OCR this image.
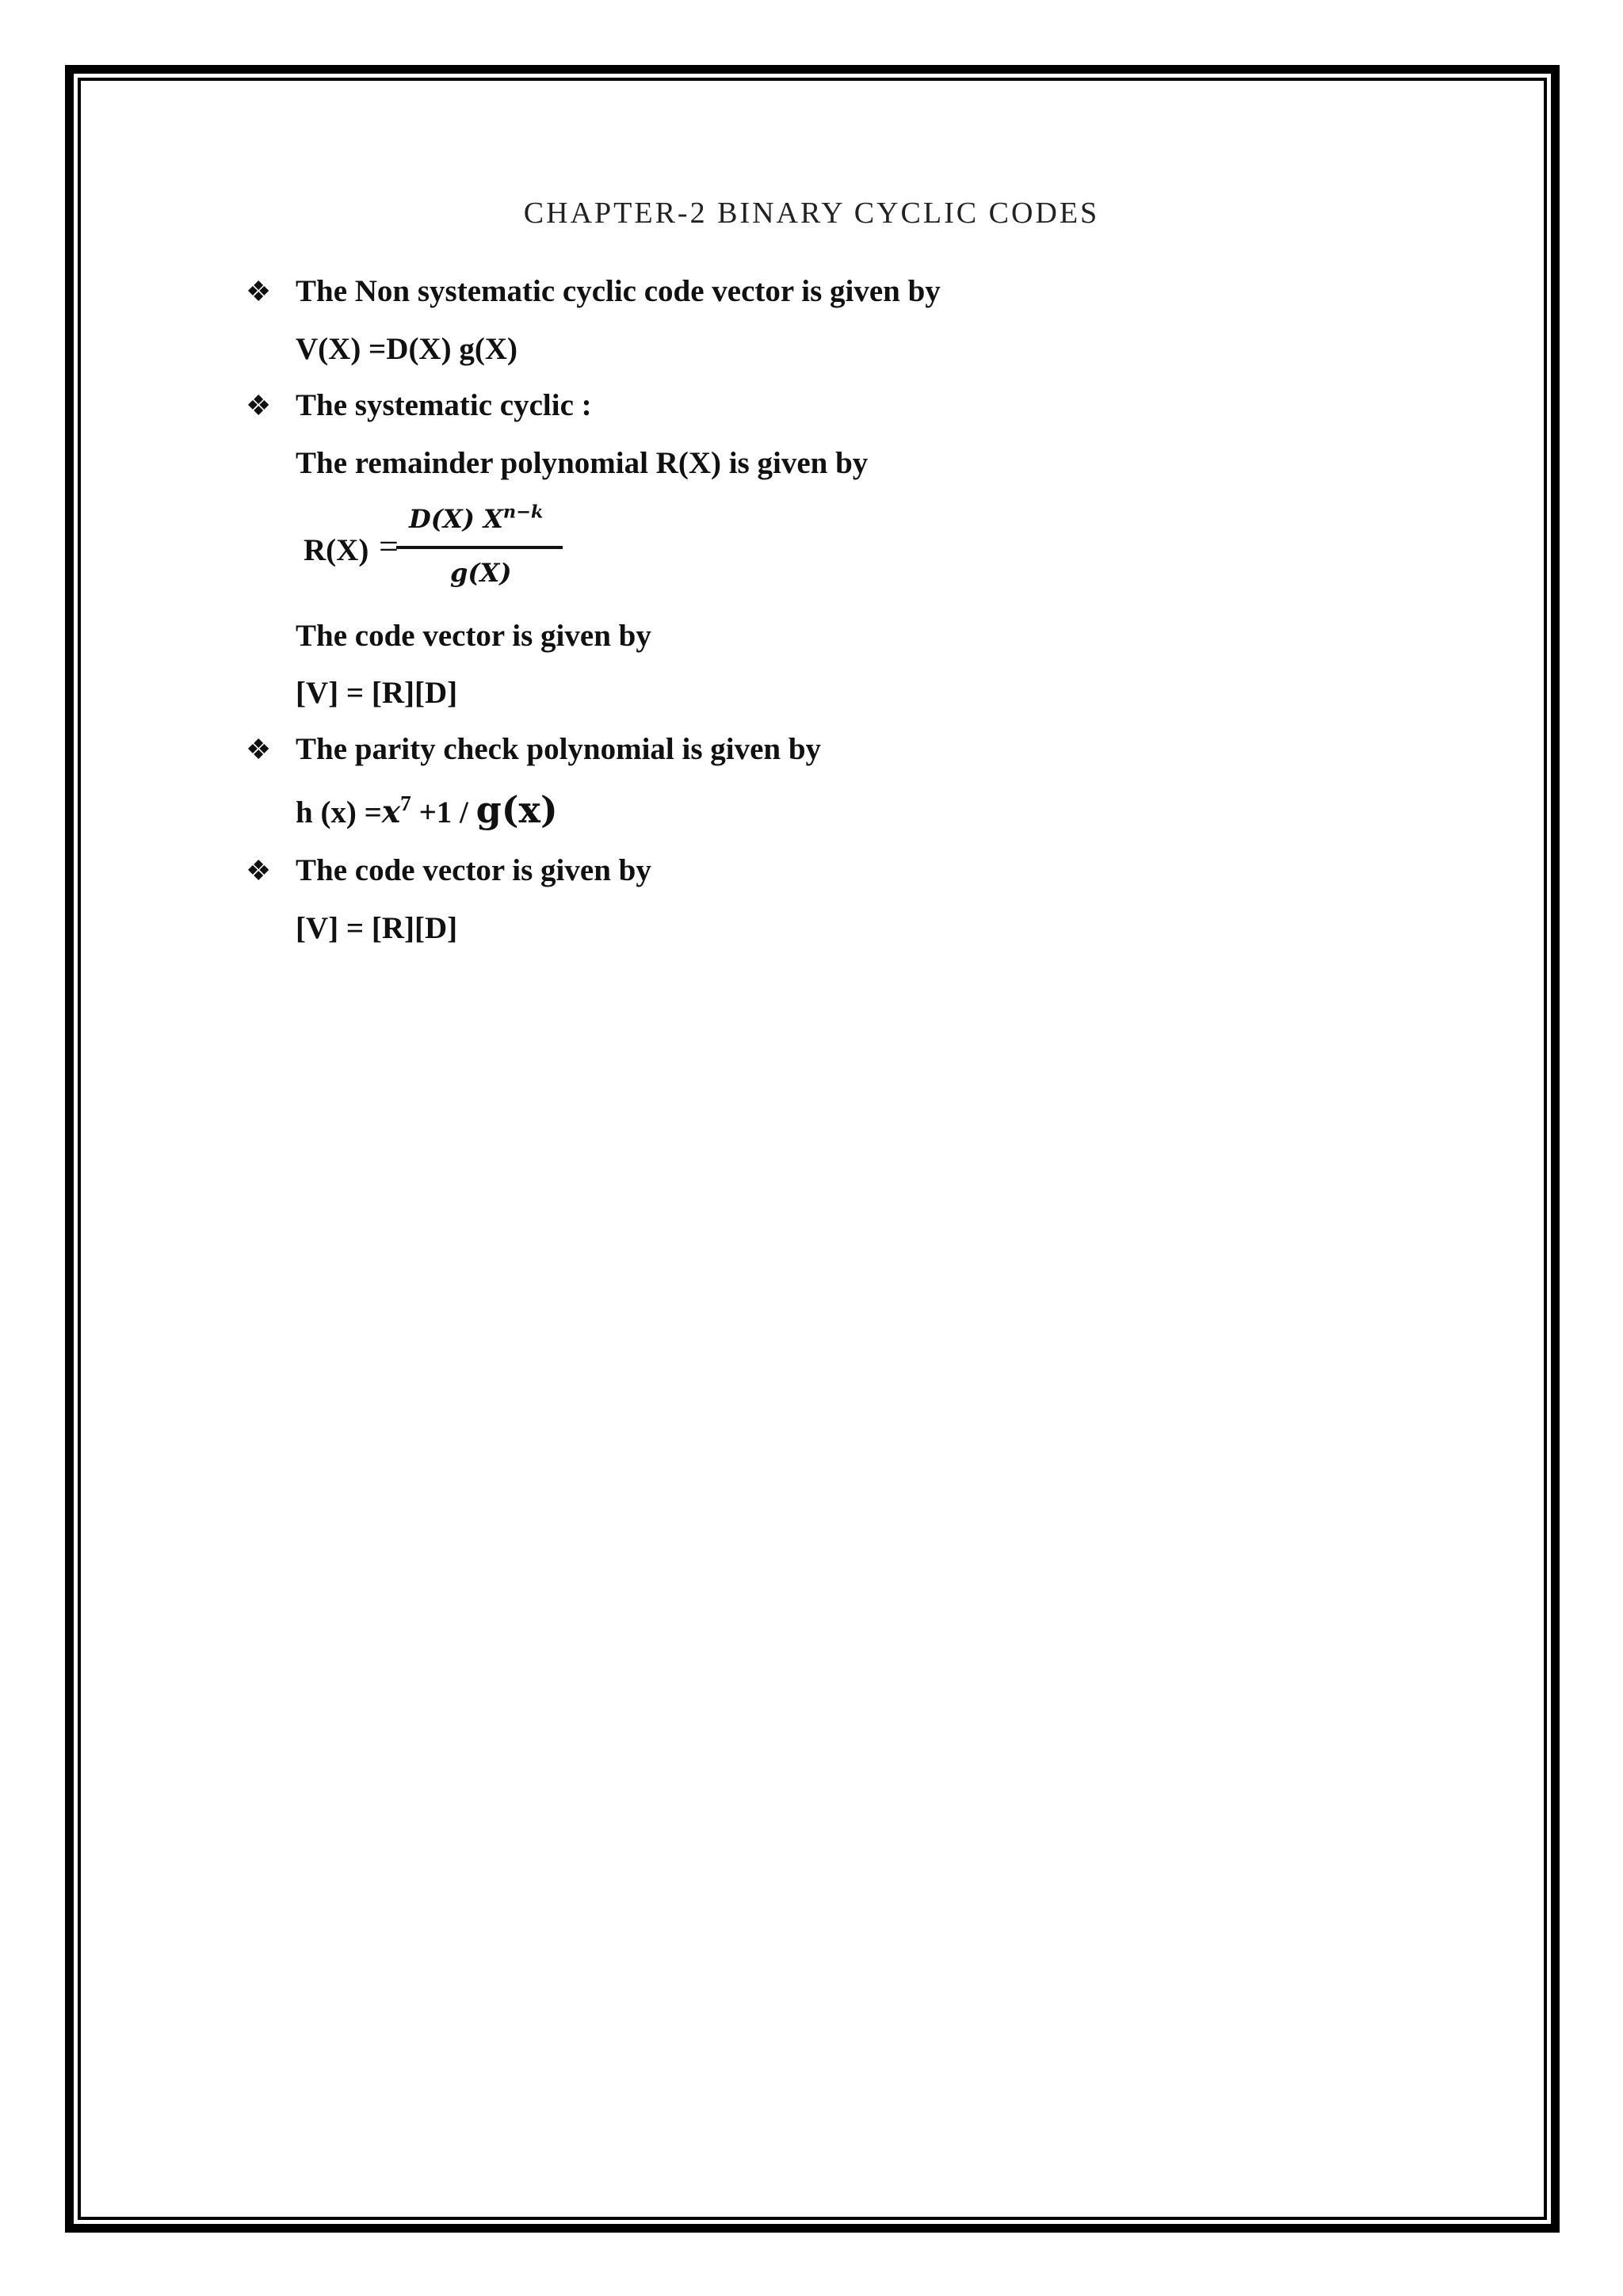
CHAPTER-2 BINARY CYCLIC CODES
❖ The Non systematic cyclic code vector is given by
V(X) =D(X) g(X)
❖ The systematic cyclic :
The remainder polynomial R(X) is given by
R(X)
D(X) $X^{n-k}$
g(X)
=
The code vector is given by
[V] = [R][D]
❖ The parity check polynomial is given by
h $(x) =x^7 +1 / g(x)$
❖ The code vector is given by
[V] = [R][D]
